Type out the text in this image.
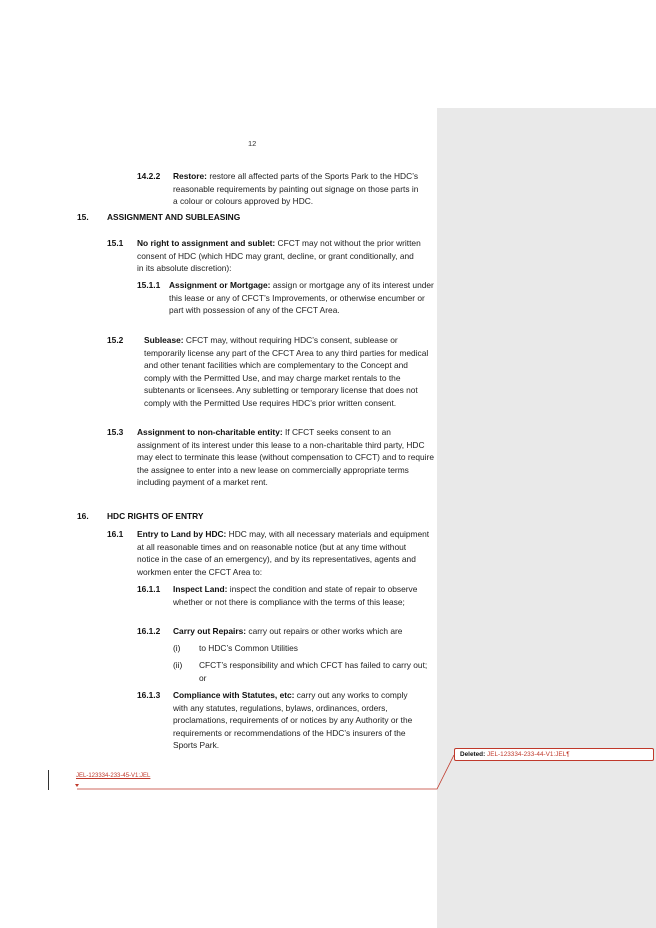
12
14.2.2 Restore: restore all affected parts of the Sports Park to the HDC’s reasonable requirements by painting out signage on those parts in a colour or colours approved by HDC.
15. ASSIGNMENT AND SUBLEASING
15.1 No right to assignment and sublet: CFCT may not without the prior written consent of HDC (which HDC may grant, decline, or grant conditionally, and in its absolute discretion):
15.1.1 Assignment or Mortgage: assign or mortgage any of its interest under this lease or any of CFCT’s Improvements, or otherwise encumber or part with possession of any of the CFCT Area.
15.2 Sublease: CFCT may, without requiring HDC’s consent, sublease or temporarily license any part of the CFCT Area to any third parties for medical and other tenant facilities which are complementary to the Concept and comply with the Permitted Use, and may charge market rentals to the subtenants or licensees. Any subletting or temporary license that does not comply with the Permitted Use requires HDC’s prior written consent.
15.3 Assignment to non-charitable entity: If CFCT seeks consent to an assignment of its interest under this lease to a non-charitable third party, HDC may elect to terminate this lease (without compensation to CFCT) and to require the assignee to enter into a new lease on commercially appropriate terms including payment of a market rent.
16. HDC RIGHTS OF ENTRY
16.1 Entry to Land by HDC: HDC may, with all necessary materials and equipment at all reasonable times and on reasonable notice (but at any time without notice in the case of an emergency), and by its representatives, agents and workmen enter the CFCT Area to:
16.1.1 Inspect Land: inspect the condition and state of repair to observe whether or not there is compliance with the terms of this lease;
16.1.2 Carry out Repairs: carry out repairs or other works which are
(i) to HDC’s Common Utilities
(ii) CFCT’s responsibility and which CFCT has failed to carry out; or
16.1.3 Compliance with Statutes, etc: carry out any works to comply with any statutes, regulations, bylaws, ordinances, orders, proclamations, requirements of or notices by any Authority or the requirements or recommendations of the HDC’s insurers of the Sports Park.
JEL-123334-233-45-V1:JEL
Deleted: JEL-123334-233-44-V1:JEL¶
